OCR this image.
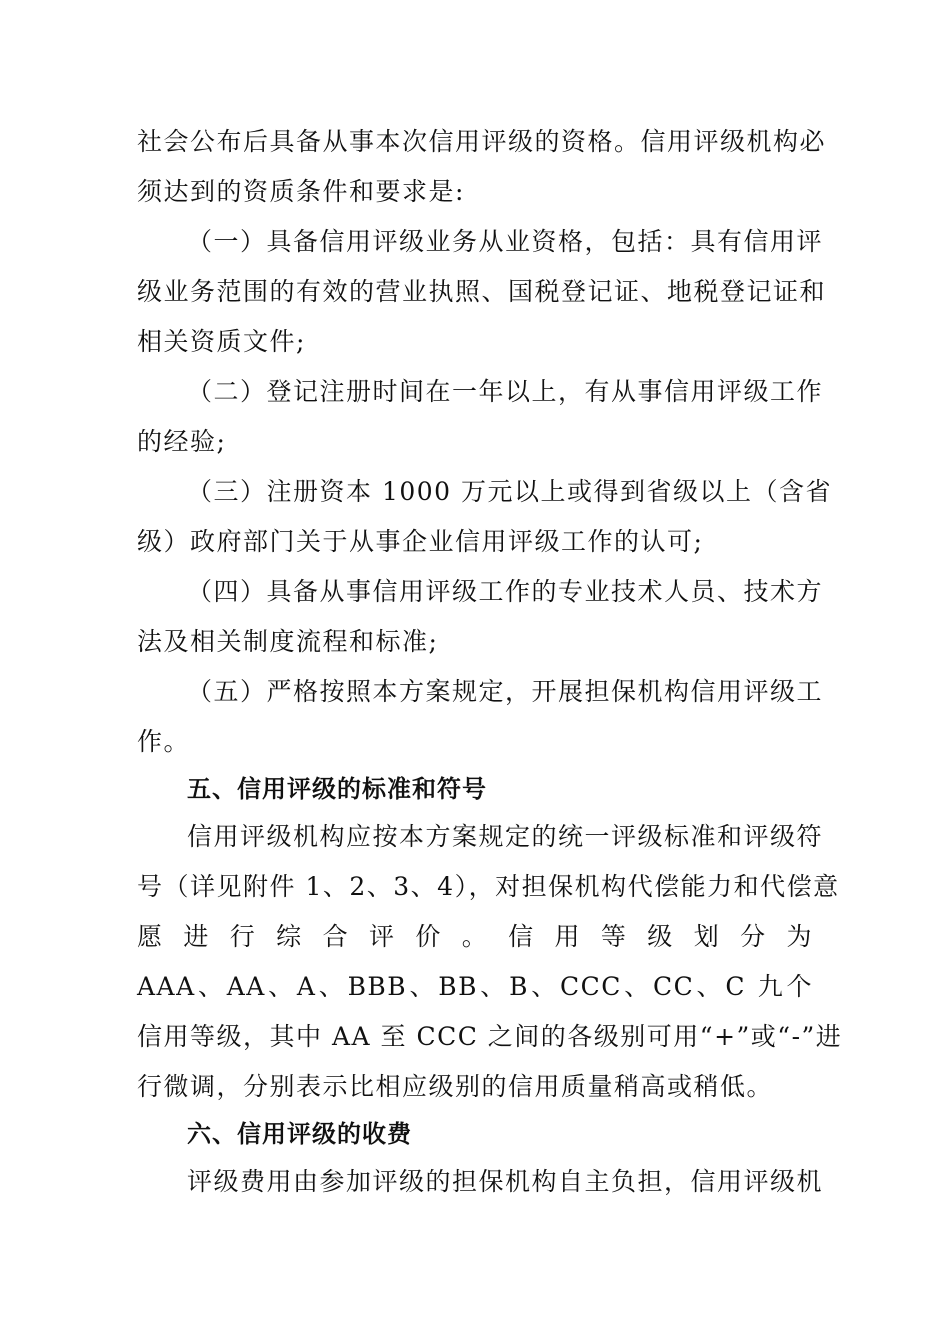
社会公布后具备从事本次信用评级的资格。信用评级机构必
须达到的资质条件和要求是:
（一）具备信用评级业务从业资格，包括：具有信用评
级业务范围的有效的营业执照、国税登记证、地税登记证和
相关资质文件;
（二）登记注册时间在一年以上，有从事信用评级工作
的经验;
（三）注册资本 1000 万元以上或得到省级以上（含省
级）政府部门关于从事企业信用评级工作的认可;
（四）具备从事信用评级工作的专业技术人员、技术方
法及相关制度流程和标准;
（五）严格按照本方案规定，开展担保机构信用评级工
作。
五、信用评级的标准和符号
信用评级机构应按本方案规定的统一评级标准和评级符
号（详见附件 1、2、3、4），对担保机构代偿能力和代偿意
愿进行综合评价。信用等级划分为
AAA、AA、A、BBB、BB、B、CCC、CC、C 九个
信用等级，其中 AA 至 CCC 之间的各级别可用“+”或“-”进
行微调，分别表示比相应级别的信用质量稍高或稍低。
六、信用评级的收费
评级费用由参加评级的担保机构自主负担，信用评级机
